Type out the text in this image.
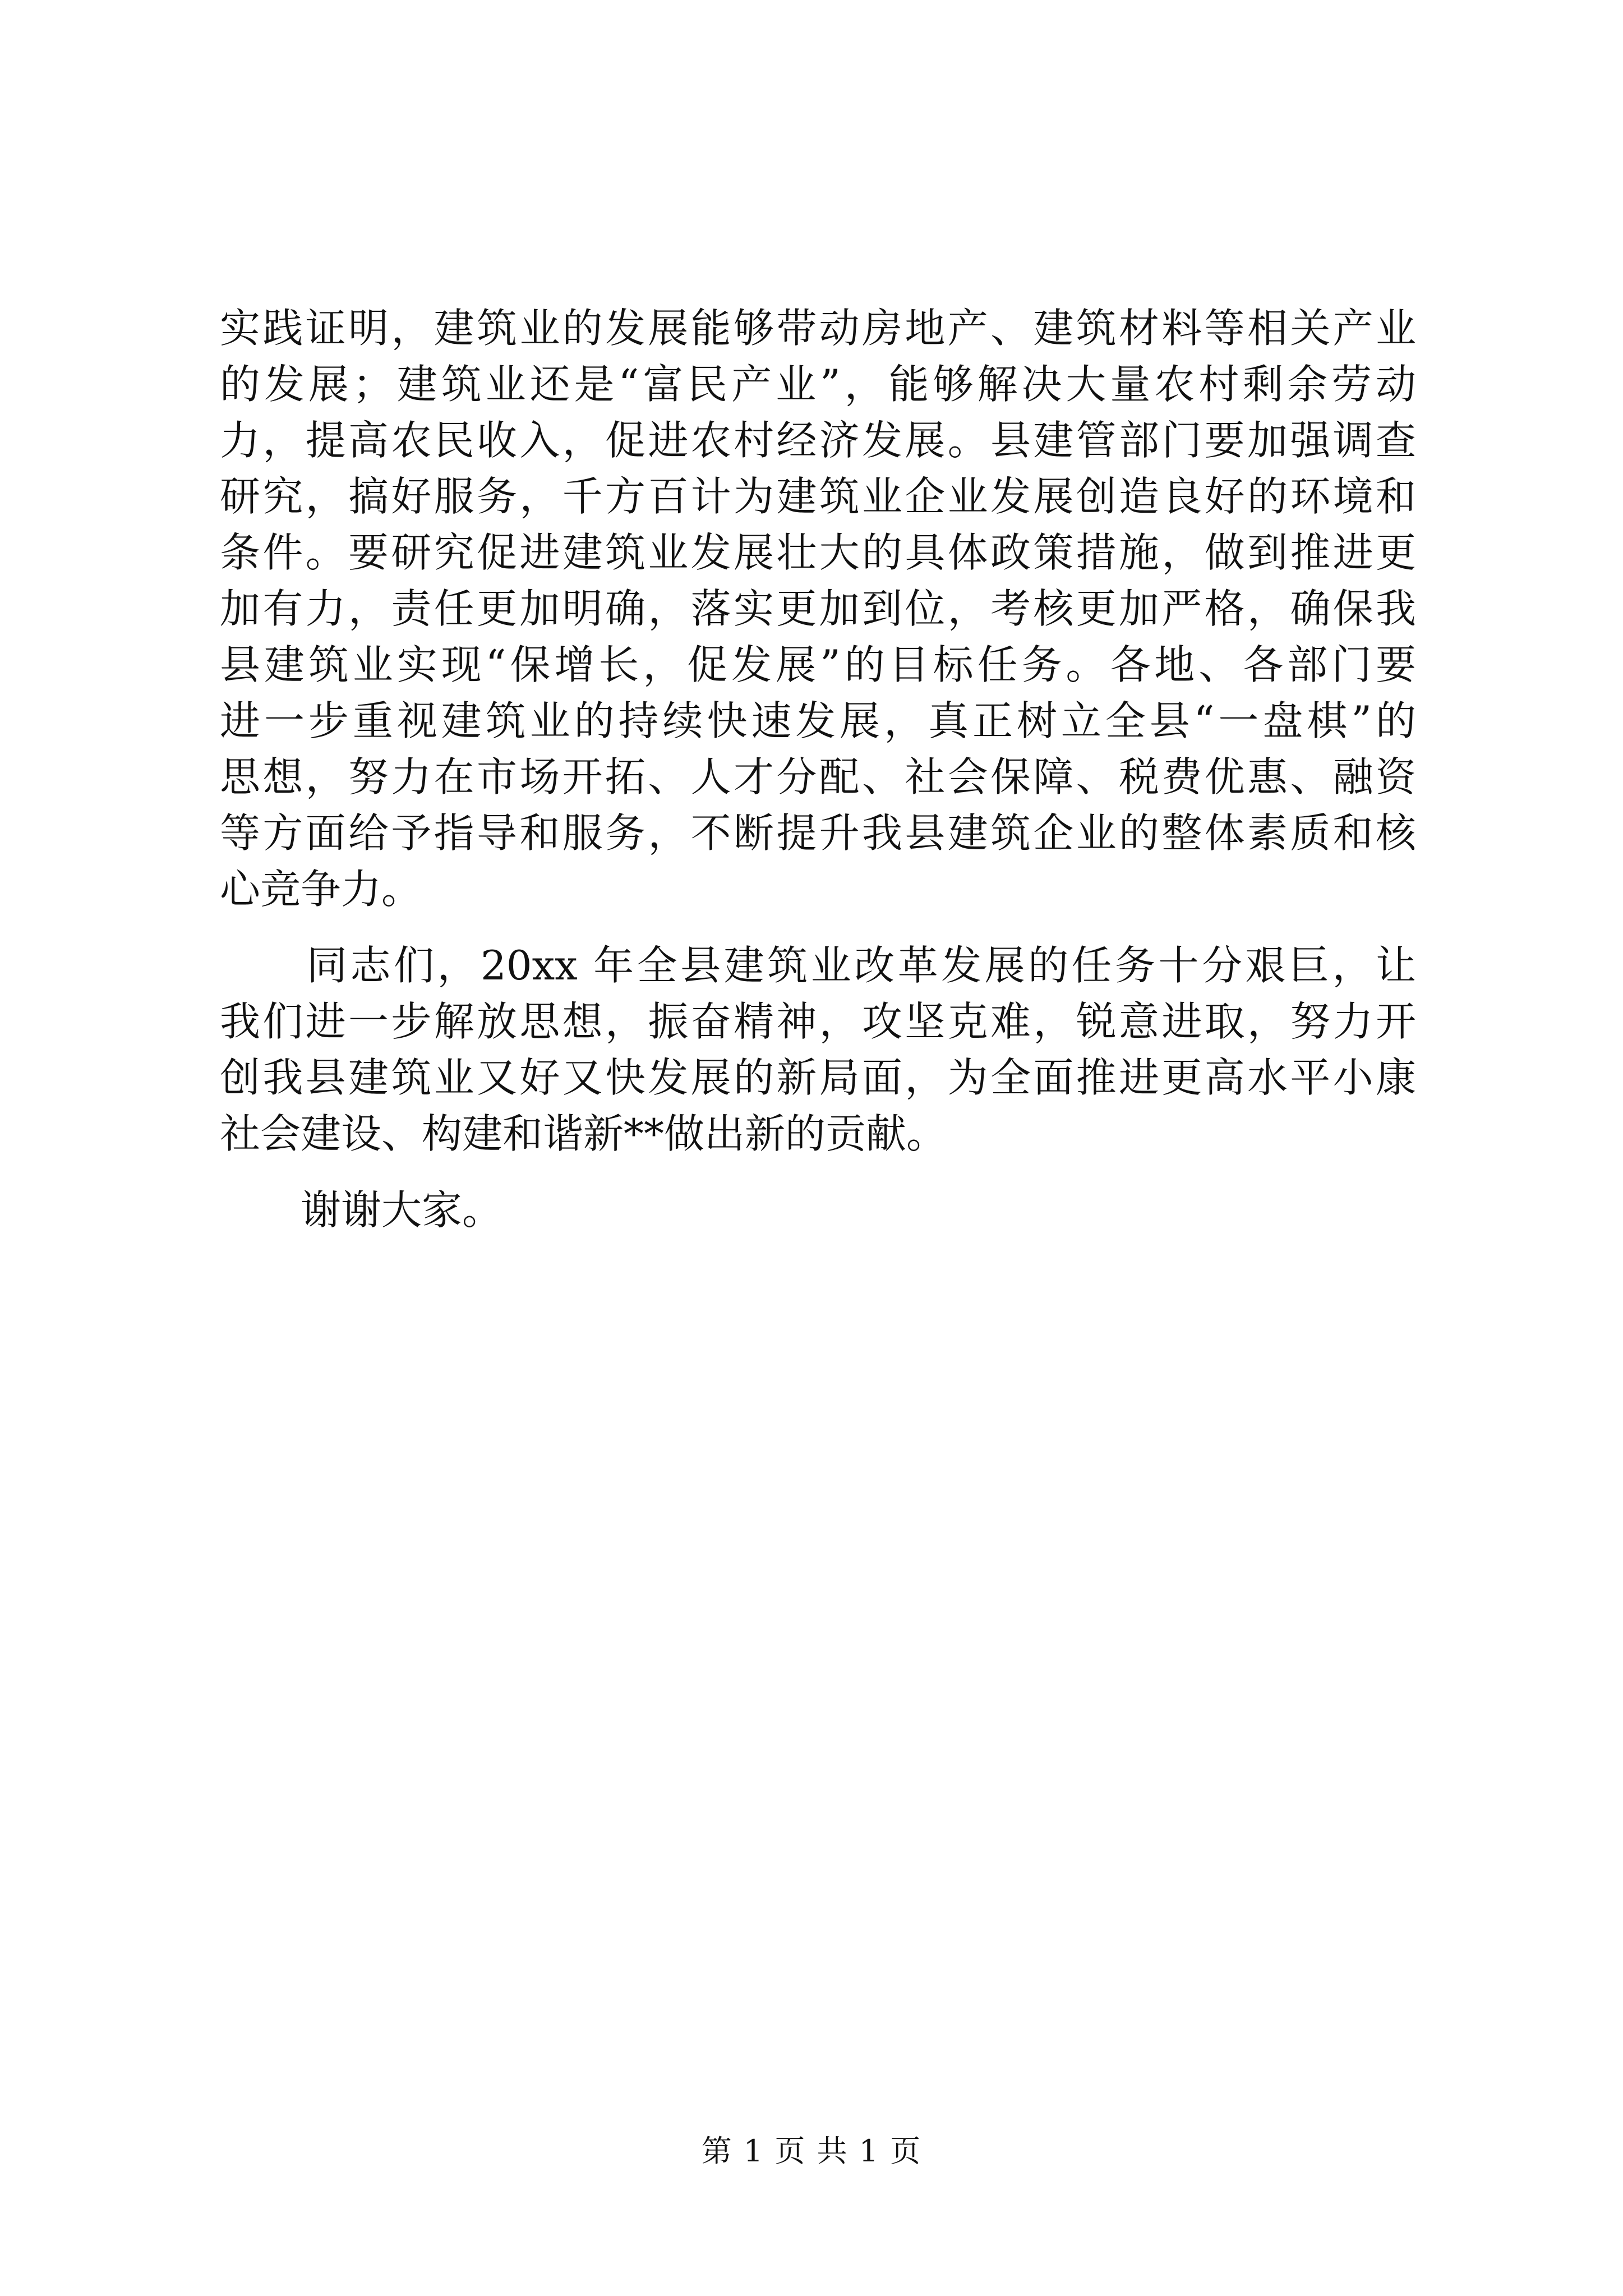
实践证明，建筑业的发展能够带动房地产、建筑材料等相关产业
的发展；建筑业还是“富民产业”，能够解决大量农村剩余劳动
力，提高农民收入，促进农村经济发展。县建管部门要加强调查
研究，搞好服务，千方百计为建筑业企业发展创造良好的环境和
条件。要研究促进建筑业发展壮大的具体政策措施，做到推进更
加有力，责任更加明确，落实更加到位，考核更加严格，确保我
县建筑业实现“保增长，促发展”的目标任务。各地、各部门要
进一步重视建筑业的持续快速发展，真正树立全县“一盘棋”的
思想，努力在市场开拓、人才分配、社会保障、税费优惠、融资
等方面给予指导和服务，不断提升我县建筑企业的整体素质和核
心竞争力。
　　同志们，20xx 年全县建筑业改革发展的任务十分艰巨，让
我们进一步解放思想，振奋精神，攻坚克难，锐意进取，努力开
创我县建筑业又好又快发展的新局面，为全面推进更高水平小康
社会建设、构建和谐新**做出新的贡献。
　　谢谢大家。
第 1 页 共 1 页
